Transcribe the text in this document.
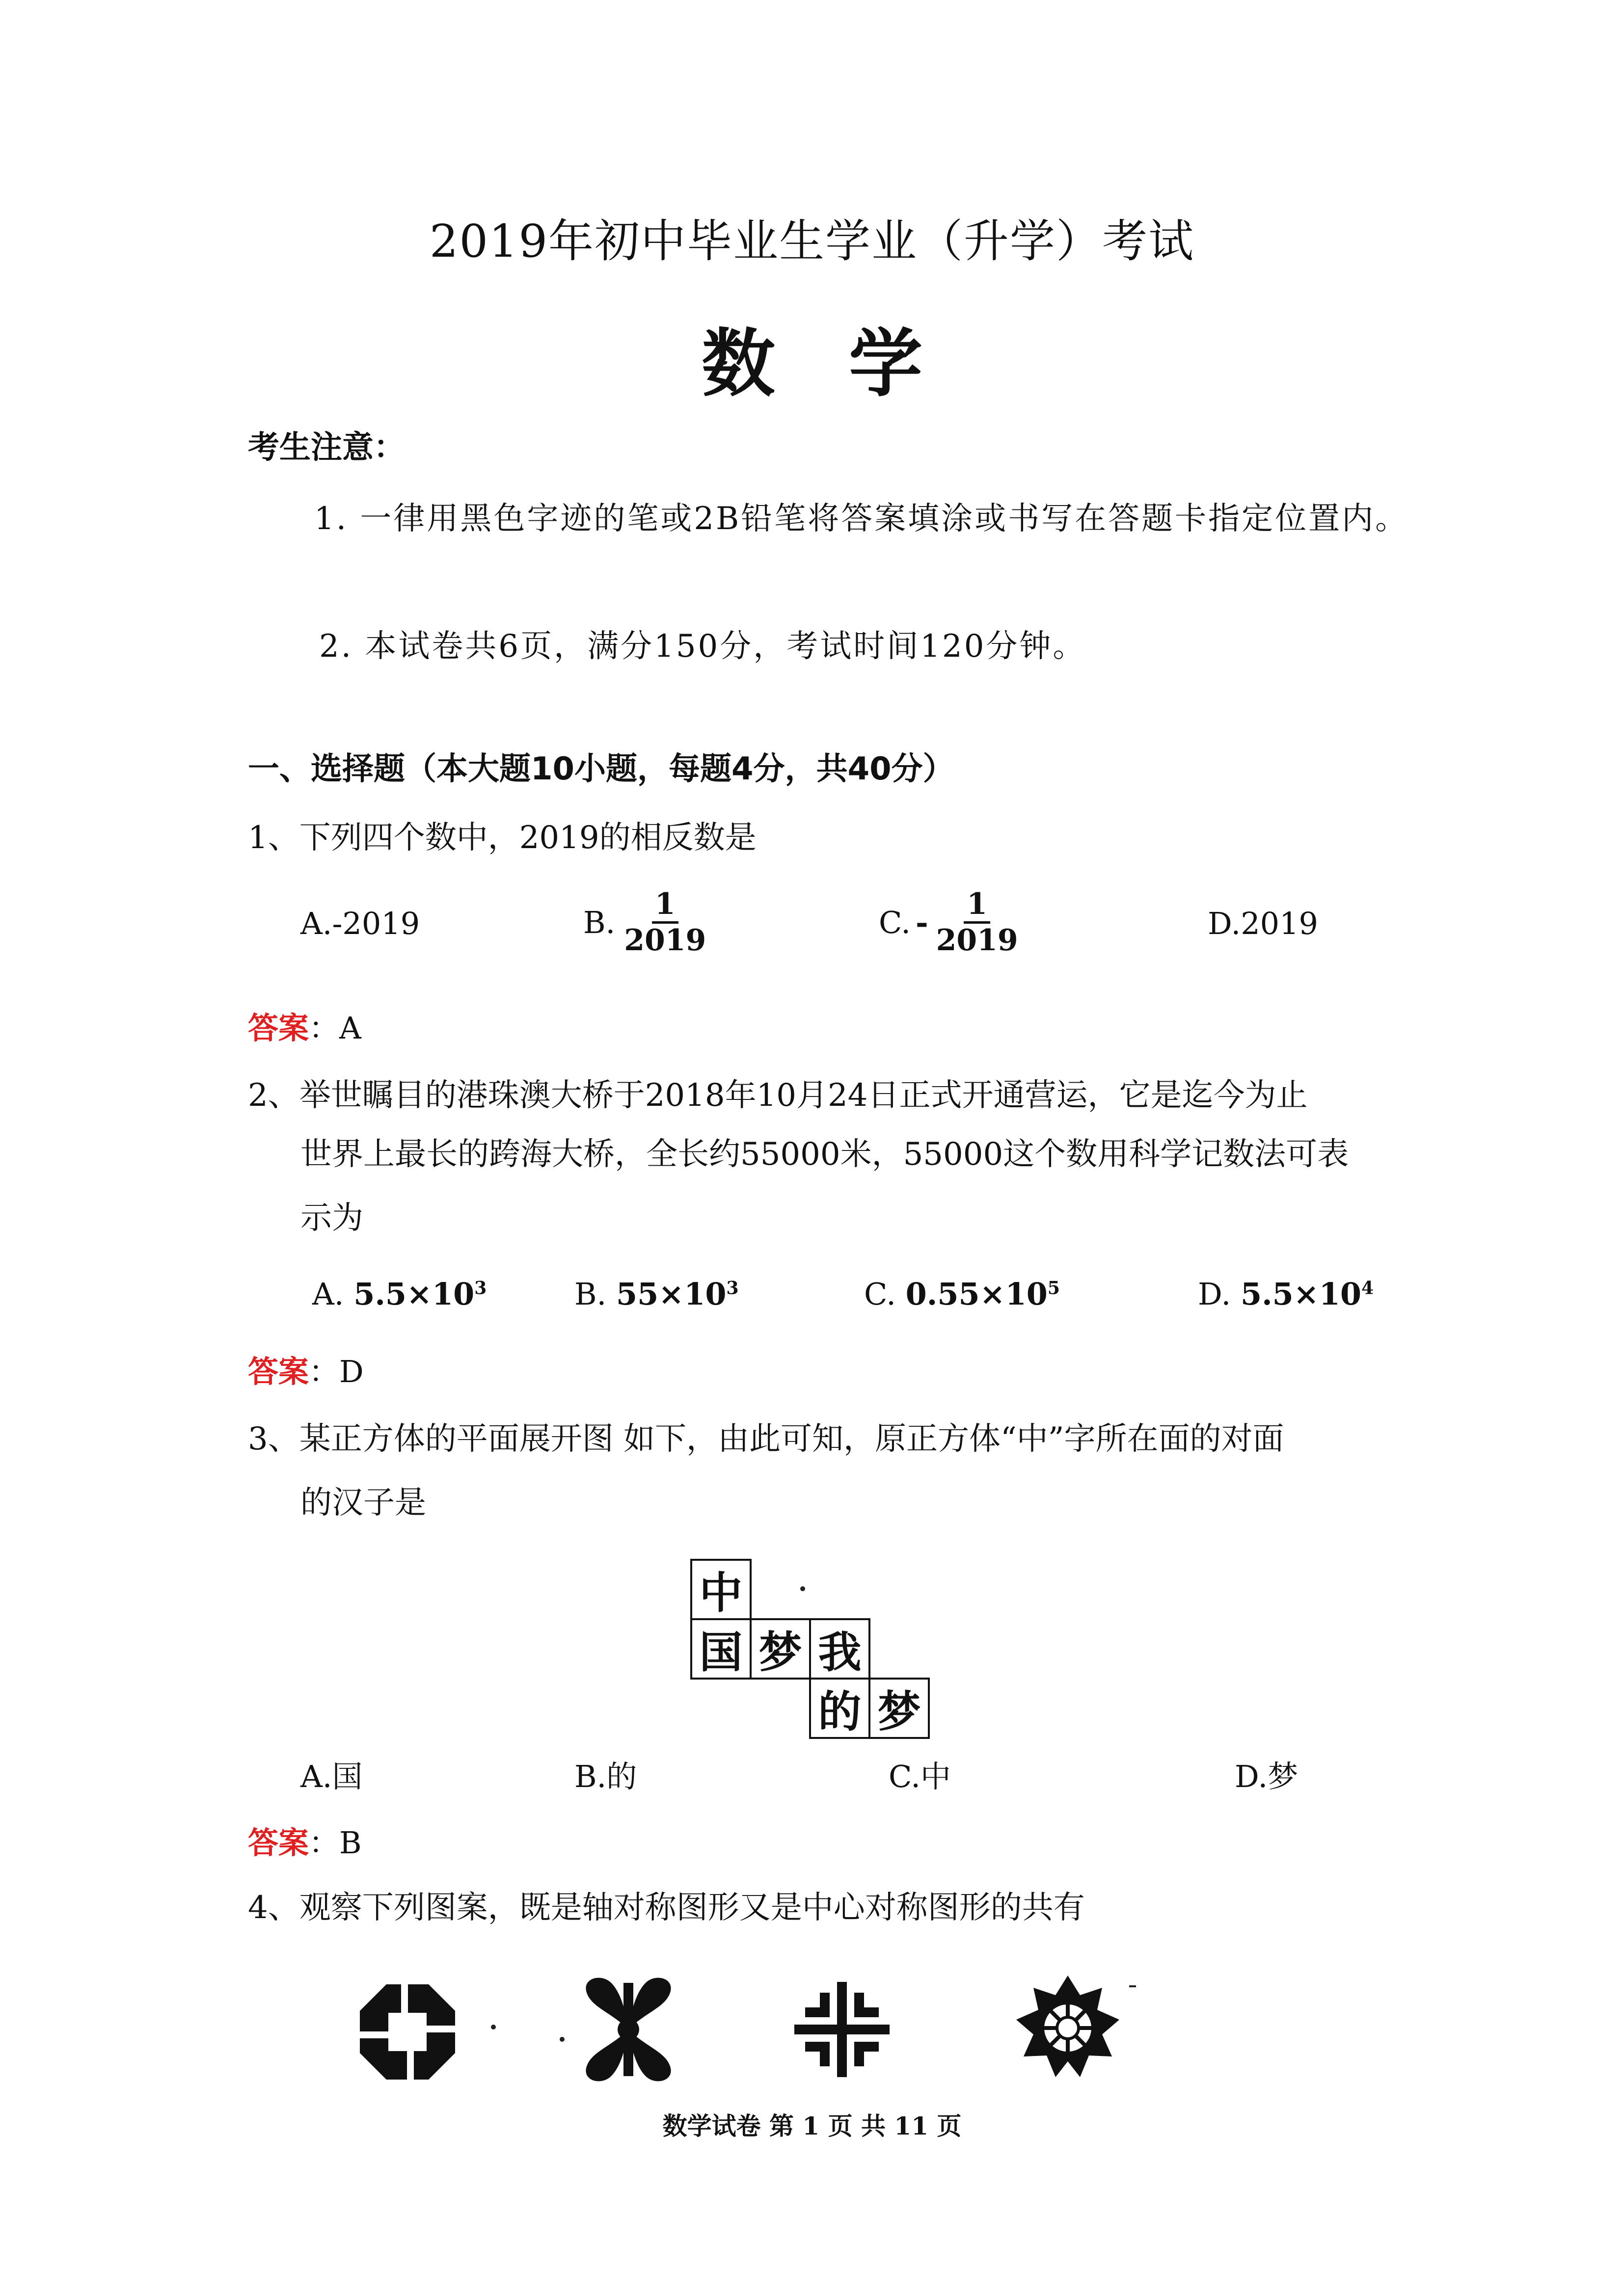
2019年初中毕业生学业（升学）考试
数学
考生注意：
1. 一律用黑色字迹的笔或2B铅笔将答案填涂或书写在答题卡指定位置内。
2. 本试卷共6页，满分150分，考试时间120分钟。
一、选择题（本大题10小题，每题4分，共40分）
1、下列四个数中，2019的相反数是
A.-2019	B. $\frac{1}{2019}$	C. - $\frac{1}{2019}$	D.2019
答案：A
2、举世瞩目的港珠澳大桥于2018年10月24日正式开通营运，它是迄今为止
世界上最长的跨海大桥，全长约55000米，55000这个数用科学记数法可表
示为
A. $5.5\times 10^3$	B. $55\times 10^3$	C. $0.55\times 10^5$	D. $5.5\times 10^4$
答案：D
3、某正方体的平面展开图 如下，由此可知，原正方体“中”字所在面的对面
的汉子是
中
国 梦 我
的 梦
A.国	B.的	C.中	D.梦
答案：B
4、观察下列图案，既是轴对称图形又是中心对称图形的共有
数学试卷 第 1 页 共 11 页
